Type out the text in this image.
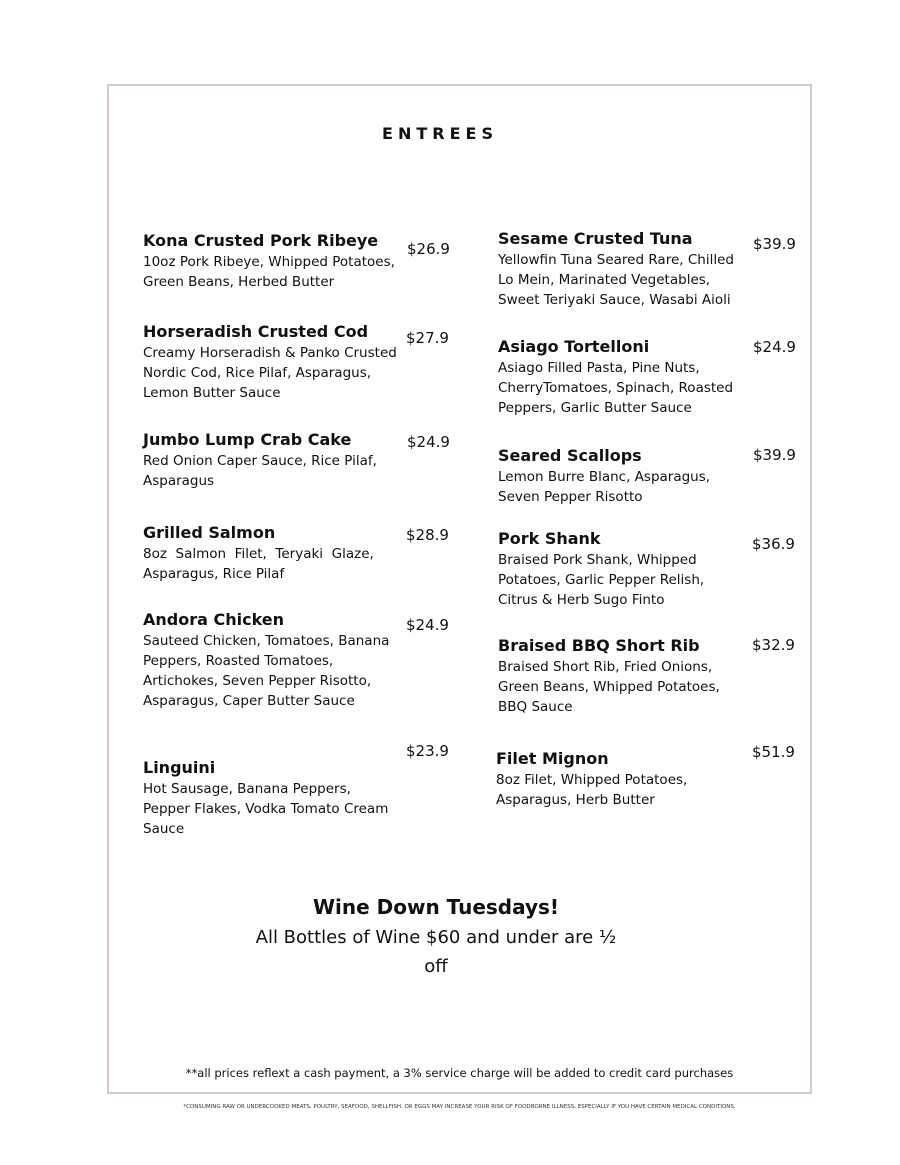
ENTREES
Kona Crusted Pork Ribeye
10oz Pork Ribeye, Whipped Potatoes,
Green Beans, Herbed Butter
$26.9
Horseradish Crusted Cod
Creamy Horseradish & Panko Crusted
Nordic Cod, Rice Pilaf, Asparagus,
Lemon Butter Sauce
$27.9
Jumbo Lump Crab Cake
Red Onion Caper Sauce, Rice Pilaf,
Asparagus
$24.9
Grilled Salmon
8oz  Salmon  Filet,  Teryaki  Glaze,
Asparagus, Rice Pilaf
$28.9
Andora Chicken
Sauteed Chicken, Tomatoes, Banana
Peppers, Roasted Tomatoes,
Artichokes, Seven Pepper Risotto,
Asparagus, Caper Butter Sauce
$24.9
Linguini
Hot Sausage, Banana Peppers,
Pepper Flakes, Vodka Tomato Cream
Sauce
$23.9
Sesame Crusted Tuna
Yellowfin Tuna Seared Rare, Chilled
Lo Mein, Marinated Vegetables,
Sweet Teriyaki Sauce, Wasabi Aioli
$39.9
Asiago Tortelloni
Asiago Filled Pasta, Pine Nuts,
CherryTomatoes, Spinach, Roasted
Peppers, Garlic Butter Sauce
$24.9
Seared Scallops
Lemon Burre Blanc, Asparagus,
Seven Pepper Risotto
$39.9
Pork Shank
Braised Pork Shank, Whipped
Potatoes, Garlic Pepper Relish,
Citrus & Herb Sugo Finto
$36.9
Braised BBQ Short Rib
Braised Short Rib, Fried Onions,
Green Beans, Whipped Potatoes,
BBQ Sauce
$32.9
Filet Mignon
8oz Filet, Whipped Potatoes,
Asparagus, Herb Butter
$51.9
Wine Down Tuesdays!
All Bottles of Wine $60 and under are ½
off
**all prices reflext a cash payment, a 3% service charge will be added to credit card purchases
*CONSUMING RAW OR UNDERCOOKED MEATS, POULTRY, SEAFOOD, SHELLFISH, OR EGGS MAY INCREASE YOUR RISK OF FOODBORNE ILLNESS, ESPECIALLY IF YOU HAVE CERTAIN MEDICAL CONDITIONS.
